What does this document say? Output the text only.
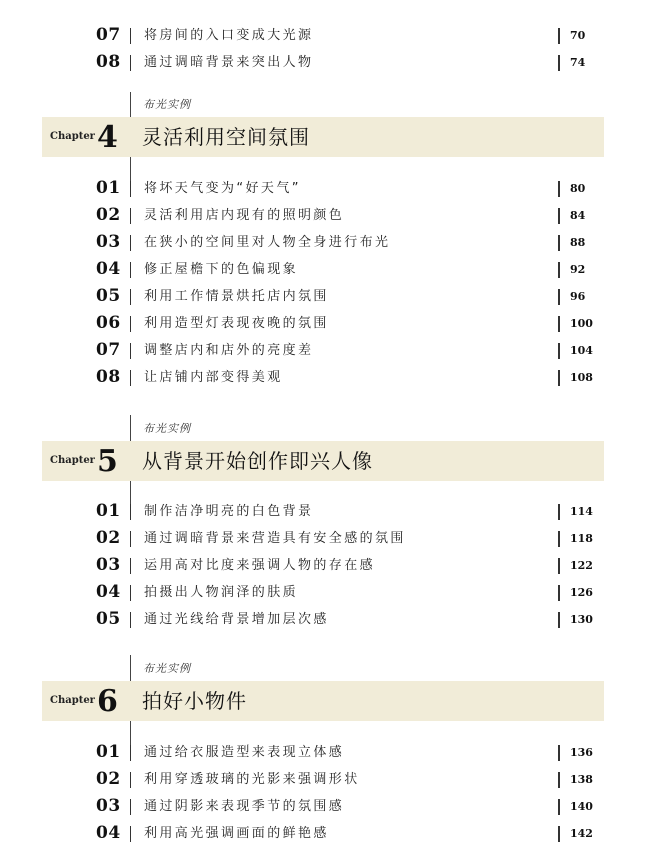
07	将房间的入口变成大光源	70
08	通过调暗背景来突出人物	74
布光实例
Chapter 4 灵活利用空间氛围
01	将坏天气变为“好天气”	80
02	灵活利用店内现有的照明颜色	84
03	在狭小的空间里对人物全身进行布光	88
04	修正屋檐下的色偏现象	92
05	利用工作情景烘托店内氛围	96
06	利用造型灯表现夜晚的氛围	100
07	调整店内和店外的亮度差	104
08	让店铺内部变得美观	108
布光实例
Chapter 5 从背景开始创作即兴人像
01	制作洁净明亮的白色背景	114
02	通过调暗背景来营造具有安全感的氛围	118
03	运用高对比度来强调人物的存在感	122
04	拍摄出人物润泽的肤质	126
05	通过光线给背景增加层次感	130
布光实例
Chapter 6 拍好小物件
01	通过给衣服造型来表现立体感	136
02	利用穿透玻璃的光影来强调形状	138
03	通过阴影来表现季节的氛围感	140
04	利用高光强调画面的鲜艳感	142
